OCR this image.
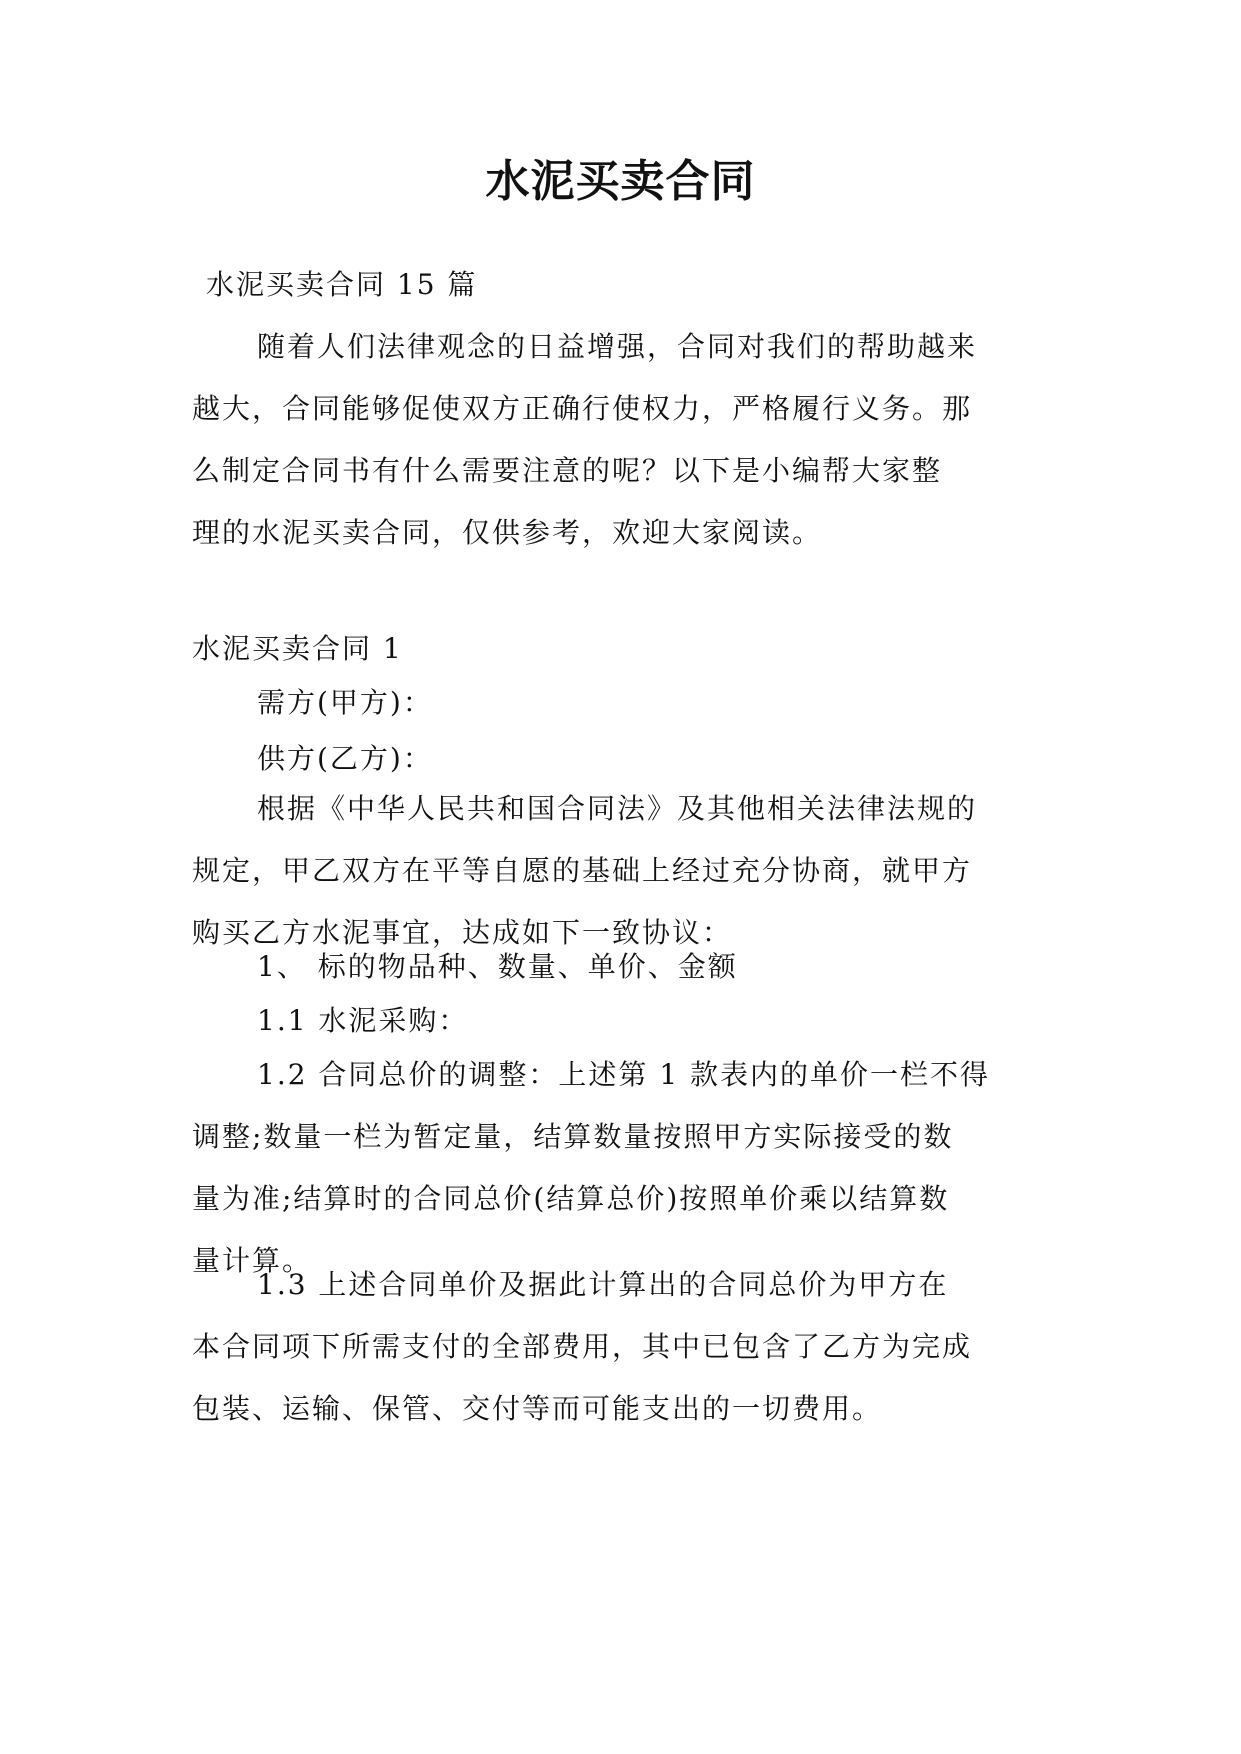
水泥买卖合同
水泥买卖合同 15 篇
随着人们法律观念的日益增强，合同对我们的帮助越来
越大，合同能够促使双方正确行使权力，严格履行义务。那
么制定合同书有什么需要注意的呢？以下是小编帮大家整
理的水泥买卖合同，仅供参考，欢迎大家阅读。
水泥买卖合同 1
需方(甲方)：
供方(乙方)：
根据《中华人民共和国合同法》及其他相关法律法规的
规定，甲乙双方在平等自愿的基础上经过充分协商，就甲方
购买乙方水泥事宜，达成如下一致协议：
1、 标的物品种、数量、单价、金额
1.1 水泥采购：
1.2 合同总价的调整：上述第 1 款表内的单价一栏不得
调整;数量一栏为暂定量，结算数量按照甲方实际接受的数
量为准;结算时的合同总价(结算总价)按照单价乘以结算数
量计算。
1.3 上述合同单价及据此计算出的合同总价为甲方在
本合同项下所需支付的全部费用，其中已包含了乙方为完成
包装、运输、保管、交付等而可能支出的一切费用。
